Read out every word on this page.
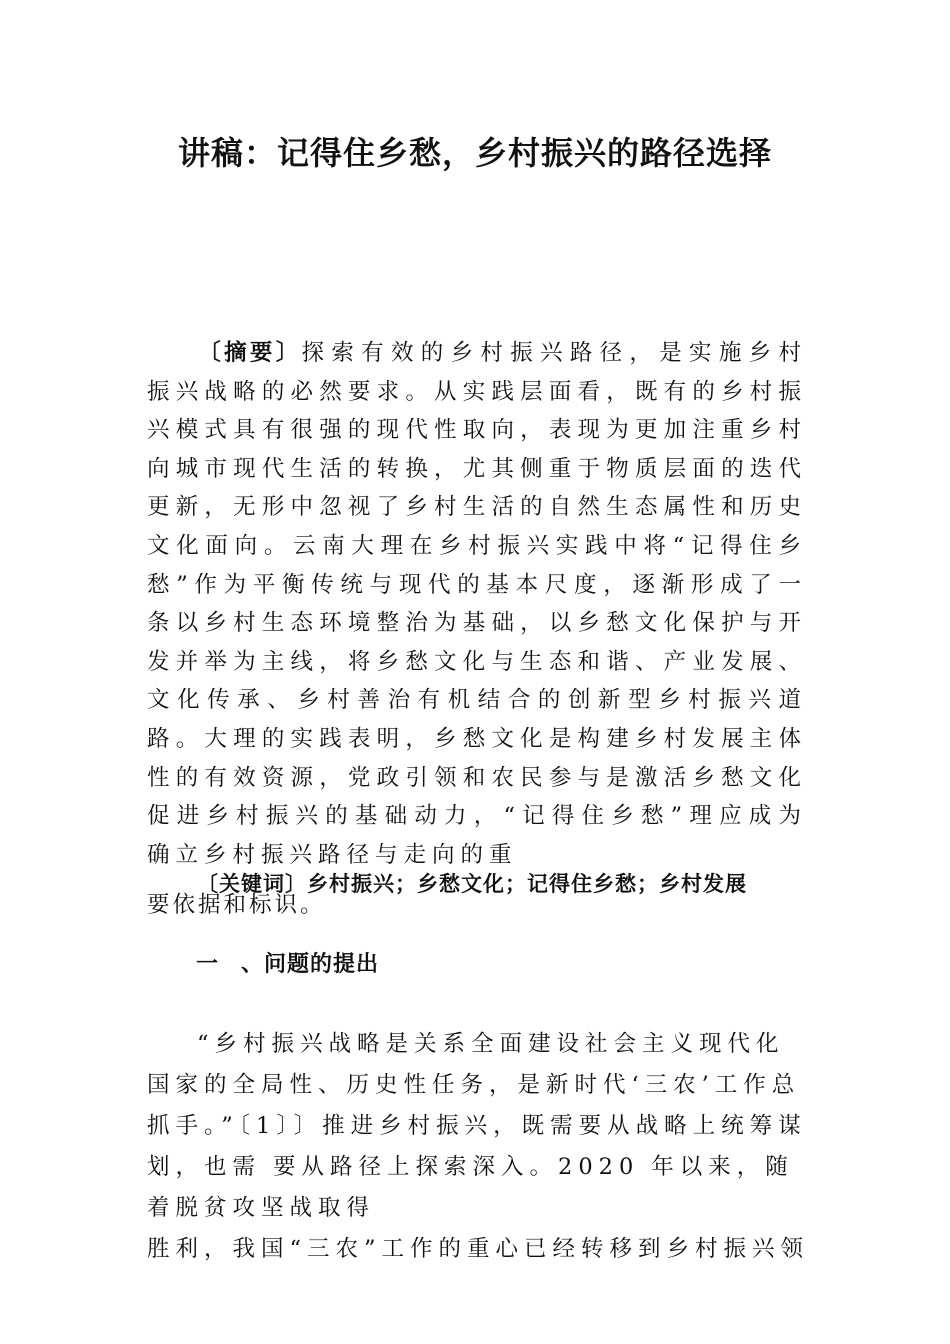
讲稿：记得住乡愁，乡村振兴的路径选择

〔摘要〕探索有效的乡村振兴路径，是实施乡村振兴战略的必然要求。从实践层面看，既有的乡村振兴模式具有很强的现代性取向，表现为更加注重乡村向城市现代生活的转换，尤其侧重于物质层面的迭代更新，无形中忽视了乡村生活的自然生态属性和历史文化面向。云南大理在乡村振兴实践中将“记得住乡愁”作为平衡传统与现代的基本尺度，逐渐形成了一条以乡村生态环境整治为基础，以乡愁文化保护与开发并举为主线，将乡愁文化与生态和谐、产业发展、文化传承、乡村善治有机结合的创新型乡村振兴道路。大理的实践表明，乡愁文化是构建乡村发展主体性的有效资源，党政引领和农民参与是激活乡愁文化促进乡村振兴的基础动力，“记得住乡愁”理应成为确立乡村振兴路径与走向的重
要依据和标识。

〔关键词〕乡村振兴；乡愁文化；记得住乡愁；乡村发展

一 、问题的提出

“乡村振兴战略是关系全面建设社会主义现代化国家的全局性、历史性任务，是新时代‘三农’工作总抓手。”〔1〕〕推进乡村振兴，既需要从战略上统筹谋划，也需 要从路径上探索深入。2020 年以来，随着脱贫攻坚战取得

胜利，我国“三农”工作的重心已经转移到乡村振兴领
